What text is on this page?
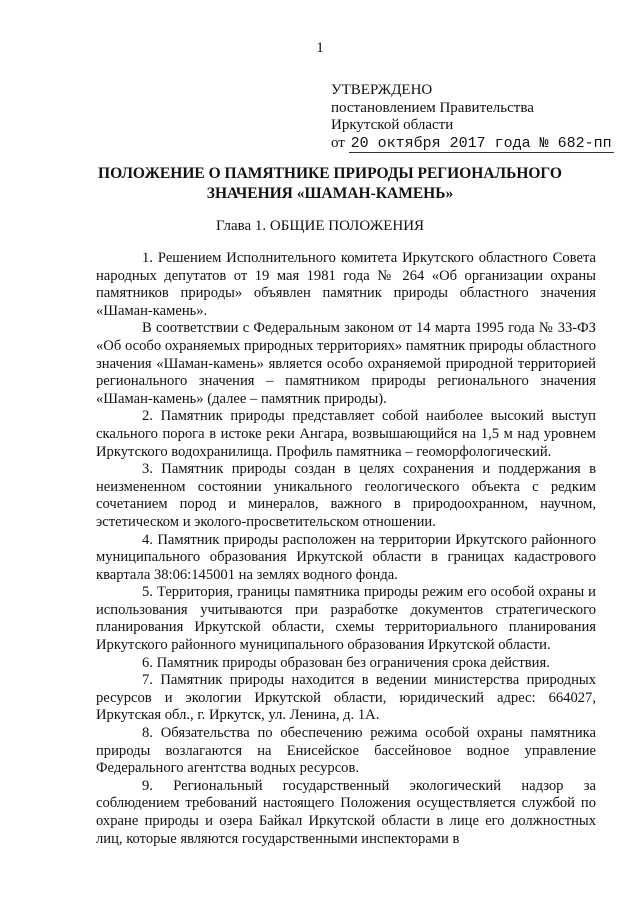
1
УТВЕРЖДЕНО
постановлением Правительства
Иркутской области
от 20 октября 2017 года № 682-пп
ПОЛОЖЕНИЕ О ПАМЯТНИКЕ ПРИРОДЫ РЕГИОНАЛЬНОГО
ЗНАЧЕНИЯ «ШАМАН-КАМЕНЬ»
Глава 1. ОБЩИЕ ПОЛОЖЕНИЯ

1. Решением Исполнительного комитета Иркутского областного Совета народных депутатов от 19 мая 1981 года № 264 «Об организации охраны памятников природы» объявлен памятник природы областного значения «Шаман-камень».

В соответствии с Федеральным законом от 14 марта 1995 года № 33-ФЗ «Об особо охраняемых природных территориях» памятник природы областного значения «Шаман-камень» является особо охраняемой природной территорией регионального значения – памятником природы регионального значения «Шаман-камень» (далее – памятник природы).

2. Памятник природы представляет собой наиболее высокий выступ скального порога в истоке реки Ангара, возвышающийся на 1,5 м над уровнем Иркутского водохранилища. Профиль памятника – геоморфологический.

3. Памятник природы создан в целях сохранения и поддержания в неизмененном состоянии уникального геологического объекта с редким сочетанием пород и минералов, важного в природоохранном, научном, эстетическом и эколого-просветительском отношении.

4. Памятник природы расположен на территории Иркутского районного муниципального образования Иркутской области в границах кадастрового квартала 38:06:145001 на землях водного фонда.

5. Территория, границы памятника природы режим его особой охраны и использования учитываются при разработке документов стратегического планирования Иркутской области, схемы территориального планирования Иркутского районного муниципального образования Иркутской области.

6. Памятник природы образован без ограничения срока действия.

7. Памятник природы находится в ведении министерства природных ресурсов и экологии Иркутской области, юридический адрес: 664027, Иркутская обл., г. Иркутск, ул. Ленина, д. 1А.

8. Обязательства по обеспечению режима особой охраны памятника природы возлагаются на Енисейское бассейновое водное управление Федерального агентства водных ресурсов.

9. Региональный государственный экологический надзор за соблюдением требований настоящего Положения осуществляется службой по охране природы и озера Байкал Иркутской области в лице его должностных лиц, которые являются государственными инспекторами в
